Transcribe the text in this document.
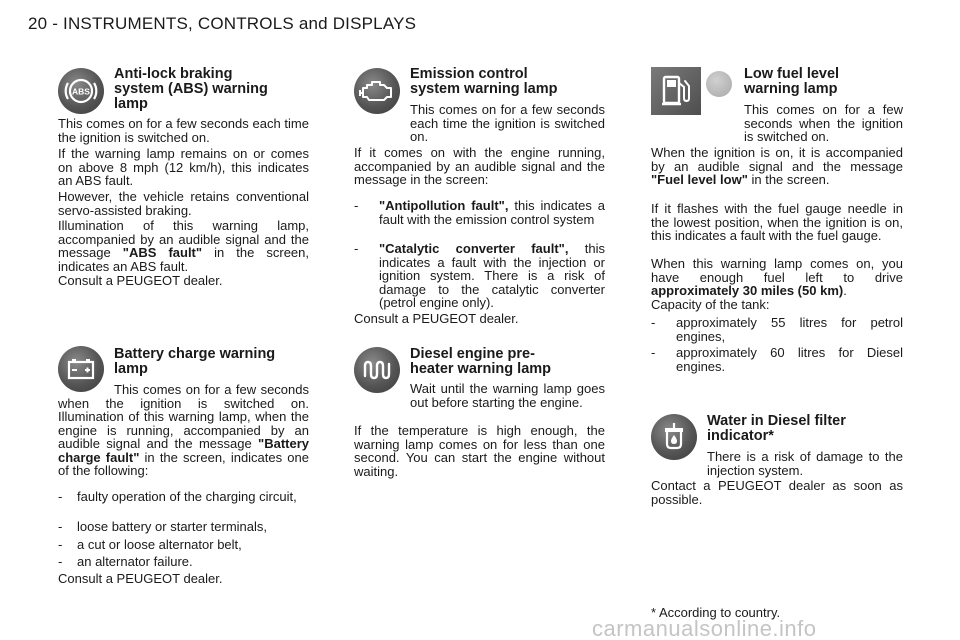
20 - INSTRUMENTS, CONTROLS and DISPLAYS
ABS
Anti-lock braking
system (ABS) warning
lamp
This comes on for a few seconds each time the ignition is switched on.
If the warning lamp remains on or comes on above 8 mph (12 km/h), this indicates an ABS fault.
However, the vehicle retains conventional servo-assisted braking.
Illumination of this warning lamp, accompanied by an audible signal and the message "ABS fault" in the screen, indicates an ABS fault.
Consult a PEUGEOT dealer.
Battery charge warning
lamp
This comes on for a few seconds when the ignition is switched on. Illumination of this warning lamp, when the engine is running, accompanied by an audible signal and the message "Battery charge fault" in the screen, indicates one of the following:
-	faulty operation of the charging circuit,
-	loose battery or starter terminals,
-	a cut or loose alternator belt,
-	an alternator failure.
Consult a PEUGEOT dealer.
Emission control
system warning lamp
This comes on for a few seconds each time the ignition is switched on.
If it comes on with the engine running, accompanied by an audible signal and the message in the screen:
-	"Antipollution fault", this indicates a fault with the emission control system
-	"Catalytic converter fault", this indicates a fault with the injection or ignition system. There is a risk of damage to the catalytic converter (petrol engine only).
Consult a PEUGEOT dealer.
Diesel engine pre-
heater warning lamp
Wait until the warning lamp goes out before starting the engine.
If the temperature is high enough, the warning lamp comes on for less than one second. You can start the engine without waiting.
Low fuel level
warning lamp
This comes on for a few seconds when the ignition is switched on.
When the ignition is on, it is accompanied by an audible signal and the message "Fuel level low" in the screen.
If it flashes with the fuel gauge needle in the lowest position, when the ignition is on, this indicates a fault with the fuel gauge.
When this warning lamp comes on, you have enough fuel left to drive approximately 30 miles (50 km).
Capacity of the tank:
-	approximately 55 litres for petrol engines,
-	approximately 60 litres for Diesel engines.
Water in Diesel filter
indicator*
There is a risk of damage to the injection system.
Contact a PEUGEOT dealer as soon as possible.
* According to country.
carmanualsonline.info
